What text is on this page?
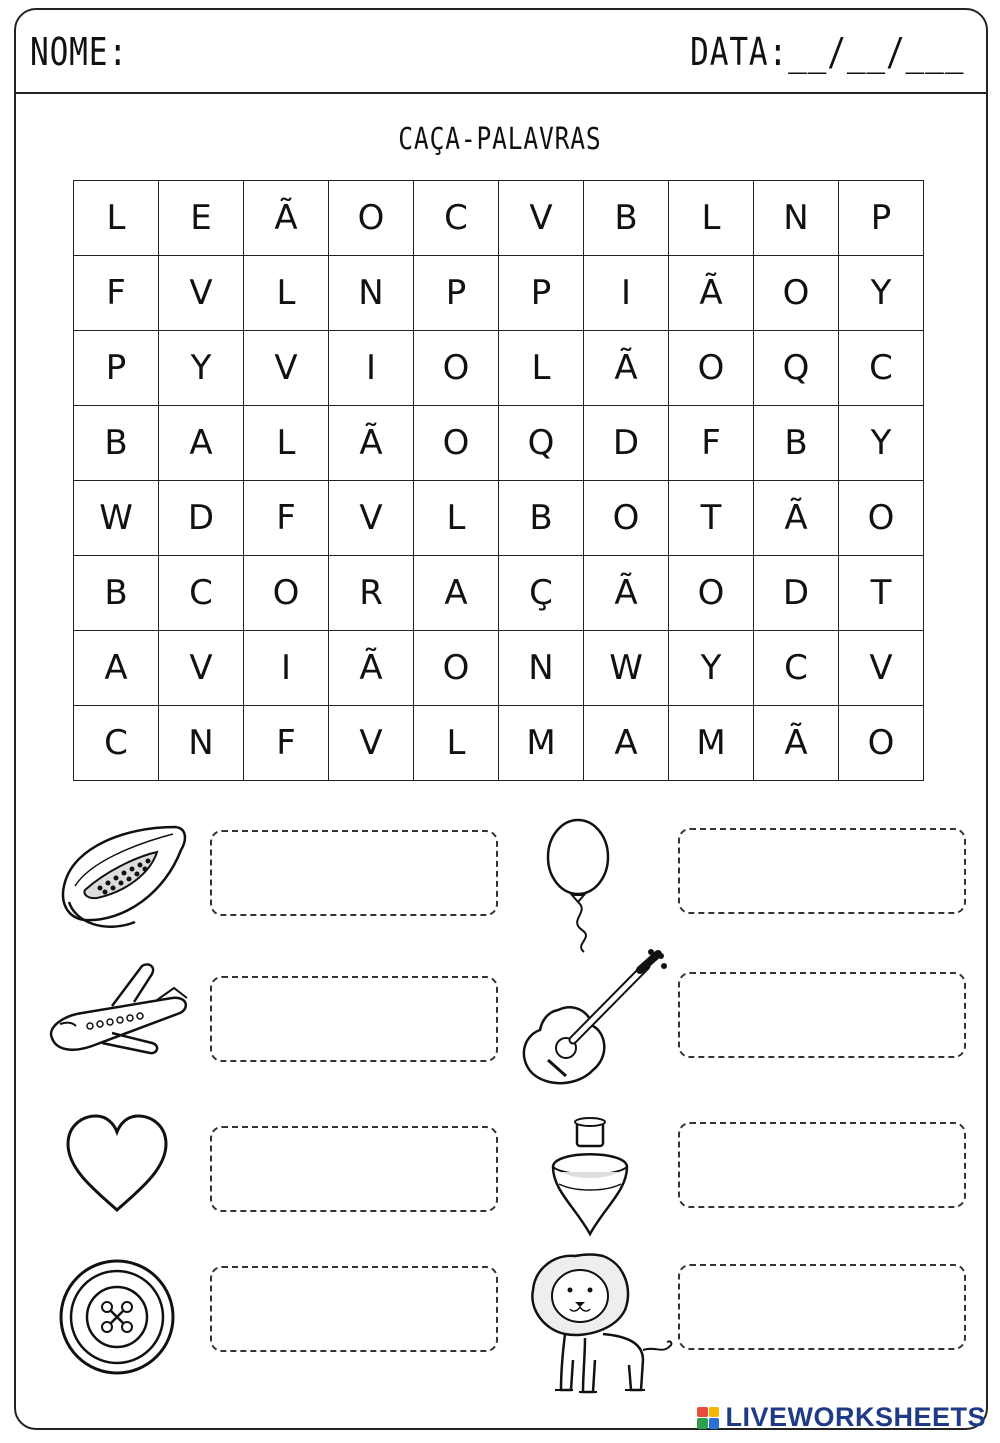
NOME:	DATA:__/__/___
CAÇA-PALAVRAS
L	E	Ã	O	C	V	B	L	N	P
F	V	L	N	P	P	I	Ã	O	Y
P	Y	V	I	O	L	Ã	O	Q	C
B	A	L	Ã	O	Q	D	F	B	Y
W	D	F	V	L	B	O	T	Ã	O
B	C	O	R	A	Ç	Ã	O	D	T
A	V	I	Ã	O	N	W	Y	C	V
C	N	F	V	L	M	A	M	Ã	O
LIVEWORKSHEETS
